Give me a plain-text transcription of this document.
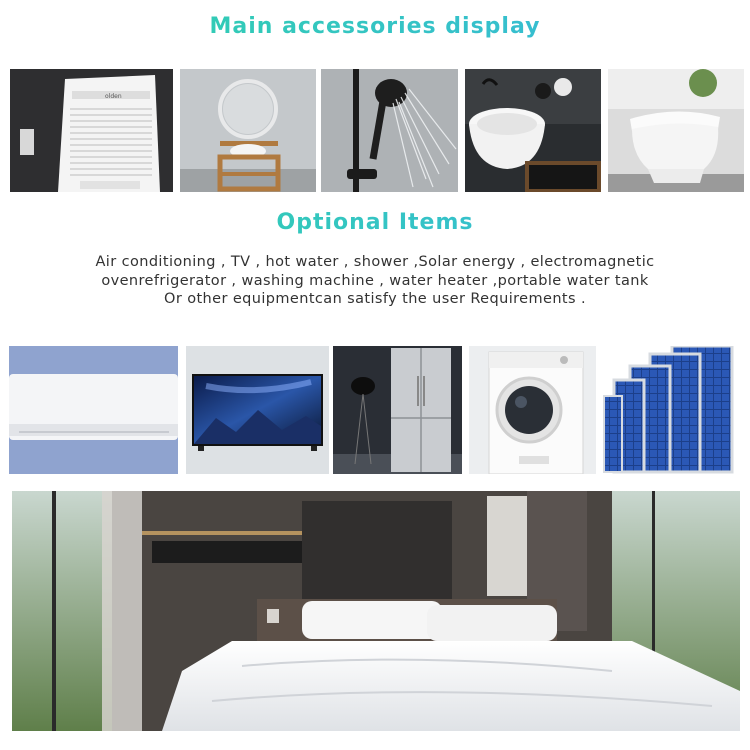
Main accessories display
olden
Optional Items
Air conditioning , TV , hot water , shower ,Solar energy , electromagnetic
ovenrefrigerator , washing machine , water heater ,portable water tank
Or other equipmentcan satisfy the user Requirements .
